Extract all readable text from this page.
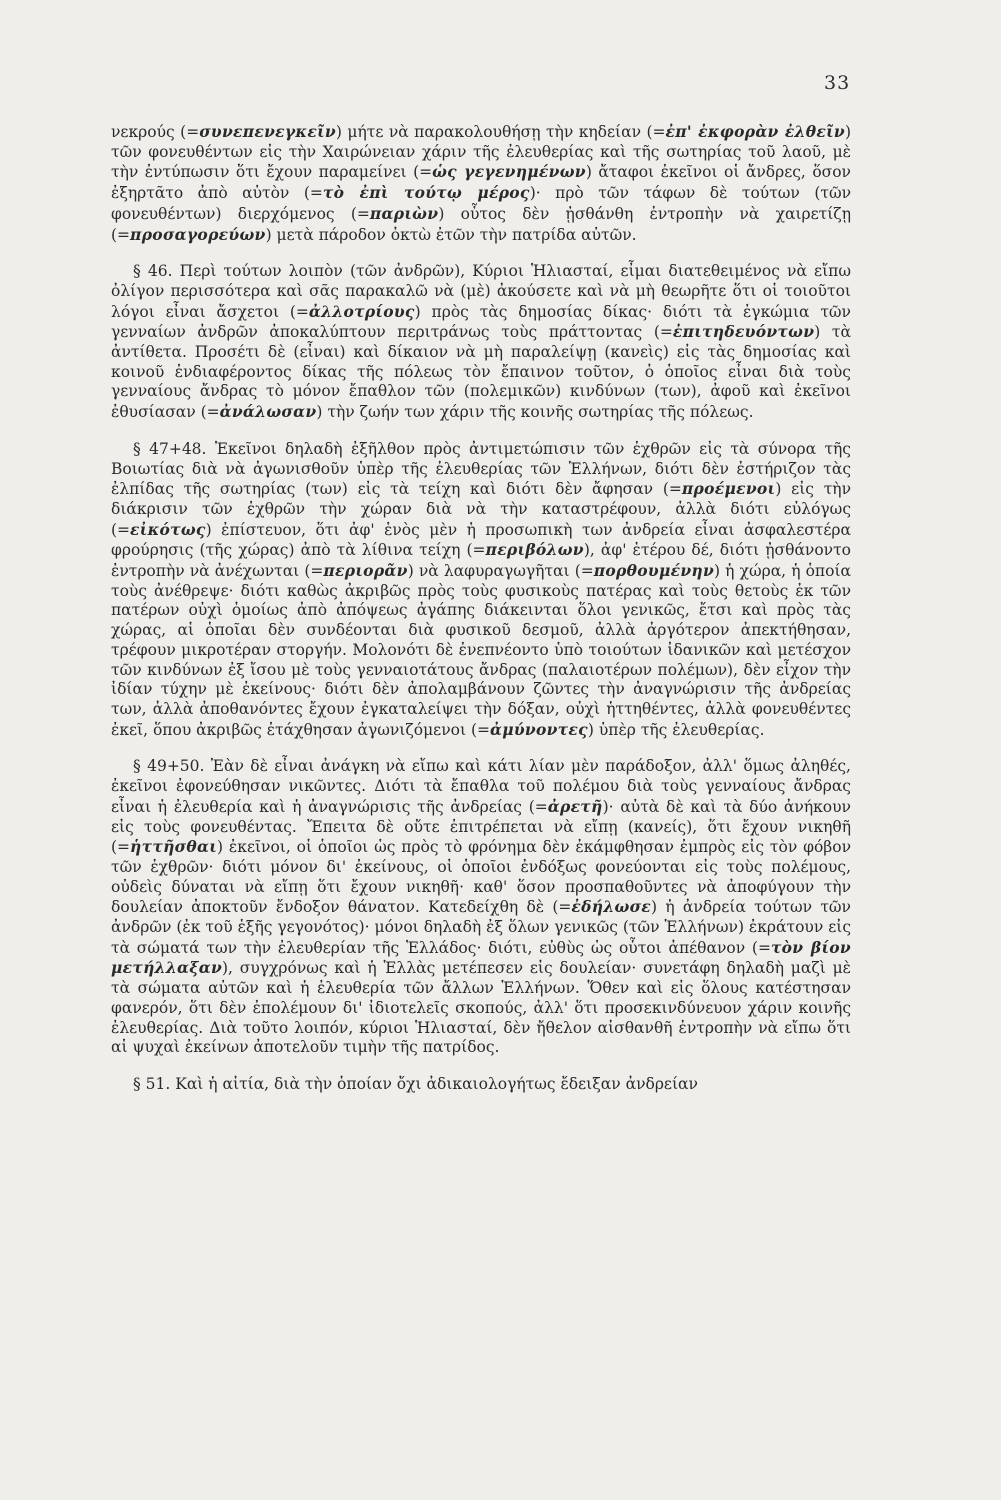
33

νεκρούς (=συνεπενεγκεῖν) μήτε νὰ παρακολουθήσῃ τὴν κηδείαν (=ἐπ' ἐκφορὰν ἐλθεῖν) τῶν φονευθέντων εἰς τὴν Χαιρώνειαν χάριν τῆς ἐλευθερίας καὶ τῆς σωτηρίας τοῦ λαοῦ, μὲ τὴν ἐντύπωσιν ὅτι ἔχουν παραμείνει (=ὡς γεγενημένων) ἄταφοι ἐκεῖνοι οἱ ἄνδρες, ὅσον ἐξηρτᾶτο ἀπὸ αὐτὸν (=τὸ ἐπὶ τούτῳ μέρος)· πρὸ τῶν τάφων δὲ τούτων (τῶν φονευθέντων) διερχόμενος (=παριὼν) οὗτος δὲν ᾐσθάνθη ἐντροπὴν νὰ χαιρετίζῃ (=προσαγορεύων) μετὰ πάροδον ὀκτὼ ἐτῶν τὴν πατρίδα αὐτῶν.

§ 46. Περὶ τούτων λοιπὸν (τῶν ἀνδρῶν), Κύριοι Ἡλιασταί, εἶμαι διατεθειμένος νὰ εἴπω ὀλίγον περισσότερα καὶ σᾶς παρακαλῶ νὰ (μὲ) ἀκούσετε καὶ νὰ μὴ θεωρῆτε ὅτι οἱ τοιοῦτοι λόγοι εἶναι ἄσχετοι (=ἀλλοτρίους) πρὸς τὰς δημοσίας δίκας· διότι τὰ ἐγκώμια τῶν γενναίων ἀνδρῶν ἀποκαλύπτουν περιτράνως τοὺς πράττοντας (=ἐπιτηδευόντων) τὰ ἀντίθετα. Προσέτι δὲ (εἶναι) καὶ δίκαιον νὰ μὴ παραλείψῃ (κανεὶς) εἰς τὰς δημοσίας καὶ κοινοῦ ἐνδιαφέροντος δίκας τῆς πόλεως τὸν ἔπαινον τοῦτον, ὁ ὁποῖος εἶναι διὰ τοὺς γενναίους ἄνδρας τὸ μόνον ἔπαθλον τῶν (πολεμικῶν) κινδύνων (των), ἀφοῦ καὶ ἐκεῖνοι ἐθυσίασαν (=ἀνάλωσαν) τὴν ζωήν των χάριν τῆς κοινῆς σωτηρίας τῆς πόλεως.

§ 47+48. Ἐκεῖνοι δηλαδὴ ἐξῆλθον πρὸς ἀντιμετώπισιν τῶν ἐχθρῶν εἰς τὰ σύνορα τῆς Βοιωτίας διὰ νὰ ἀγωνισθοῦν ὑπὲρ τῆς ἐλευθερίας τῶν Ἑλλήνων, διότι δὲν ἐστήριζον τὰς ἐλπίδας τῆς σωτηρίας (των) εἰς τὰ τείχη καὶ διότι δὲν ἄφησαν (=προέμενοι) εἰς τὴν διάκρισιν τῶν ἐχθρῶν τὴν χώραν διὰ νὰ τὴν καταστρέφουν, ἀλλὰ διότι εὐλόγως (=εἰκότως) ἐπίστευον, ὅτι ἀφ' ἑνὸς μὲν ἡ προσωπικὴ των ἀνδρεία εἶναι ἀσφαλεστέρα φρούρησις (τῆς χώρας) ἀπὸ τὰ λίθινα τείχη (=περιβόλων), ἀφ' ἑτέρου δέ, διότι ᾐσθάνοντο ἐντροπὴν νὰ ἀνέχωνται (=περιορᾶν) νὰ λαφυραγωγῆται (=πορθουμένην) ἡ χώρα, ἡ ὁποία τοὺς ἀνέθρεψε· διότι καθὼς ἀκριβῶς πρὸς τοὺς φυσικοὺς πατέρας καὶ τοὺς θετοὺς ἐκ τῶν πατέρων οὐχὶ ὁμοίως ἀπὸ ἀπόψεως ἀγάπης διάκεινται ὅλοι γενικῶς, ἔτσι καὶ πρὸς τὰς χώρας, αἱ ὁποῖαι δὲν συνδέονται διὰ φυσικοῦ δεσμοῦ, ἀλλὰ ἀργότερον ἀπεκτήθησαν, τρέφουν μικροτέραν στοργήν. Μολονότι δὲ ἐνεπνέοντο ὑπὸ τοιούτων ἰδανικῶν καὶ μετέσχον τῶν κινδύνων ἐξ ἴσου μὲ τοὺς γενναιοτάτους ἄνδρας (παλαιοτέρων πολέμων), δὲν εἶχον τὴν ἰδίαν τύχην μὲ ἐκείνους· διότι δὲν ἀπολαμβάνουν ζῶντες τὴν ἀναγνώρισιν τῆς ἀνδρείας των, ἀλλὰ ἀποθανόντες ἔχουν ἐγκαταλείψει τὴν δόξαν, οὐχὶ ἡττηθέντες, ἀλλὰ φονευθέντες ἐκεῖ, ὅπου ἀκριβῶς ἐτάχθησαν ἀγωνιζόμενοι (=ἀμύνοντες) ὑπὲρ τῆς ἐλευθερίας.

§ 49+50. Ἐὰν δὲ εἶναι ἀνάγκη νὰ εἴπω καὶ κάτι λίαν μὲν παράδοξον, ἀλλ' ὅμως ἀληθές, ἐκεῖνοι ἐφονεύθησαν νικῶντες. Διότι τὰ ἔπαθλα τοῦ πολέμου διὰ τοὺς γενναίους ἄνδρας εἶναι ἡ ἐλευθερία καὶ ἡ ἀναγνώρισις τῆς ἀνδρείας (=ἀρετῆ)· αὐτὰ δὲ καὶ τὰ δύο ἀνήκουν εἰς τοὺς φονευθέντας. Ἔπειτα δὲ οὔτε ἐπιτρέπεται νὰ εἴπῃ (κανείς), ὅτι ἔχουν νικηθῆ (=ἡττῆσθαι) ἐκεῖνοι, οἱ ὁποῖοι ὡς πρὸς τὸ φρόνημα δὲν ἐκάμφθησαν ἐμπρὸς εἰς τὸν φόβον τῶν ἐχθρῶν· διότι μόνον δι' ἐκείνους, οἱ ὁποῖοι ἐνδόξως φονεύονται εἰς τοὺς πολέμους, οὐδεὶς δύναται νὰ εἴπῃ ὅτι ἔχουν νικηθῆ· καθ' ὅσον προσπαθοῦντες νὰ ἀποφύγουν τὴν δουλείαν ἀποκτοῦν ἔνδοξον θάνατον. Κατεδείχθη δὲ (=ἐδήλωσε) ἡ ἀνδρεία τούτων τῶν ἀνδρῶν (ἐκ τοῦ ἑξῆς γεγονότος)· μόνοι δηλαδὴ ἐξ ὅλων γενικῶς (τῶν Ἑλλήνων) ἐκράτουν εἰς τὰ σώματά των τὴν ἐλευθερίαν τῆς Ἑλλάδος· διότι, εὐθὺς ὡς οὗτοι ἀπέθανον (=τὸν βίον μετήλλαξαν), συγχρόνως καὶ ἡ Ἑλλὰς μετέπεσεν εἰς δουλείαν· συνετάφη δηλαδὴ μαζὶ μὲ τὰ σώματα αὐτῶν καὶ ἡ ἐλευθερία τῶν ἄλλων Ἑλλήνων. Ὅθεν καὶ εἰς ὅλους κατέστησαν φανερόν, ὅτι δὲν ἐπολέμουν δι' ἰδιοτελεῖς σκοπούς, ἀλλ' ὅτι προσεκινδύνευον χάριν κοινῆς ἐλευθερίας. Διὰ τοῦτο λοιπόν, κύριοι Ἡλιασταί, δὲν ἤθελον αἰσθανθῆ ἐντροπὴν νὰ εἴπω ὅτι αἱ ψυχαὶ ἐκείνων ἀποτελοῦν τιμὴν τῆς πατρίδος.

§ 51. Καὶ ἡ αἰτία, διὰ τὴν ὁποίαν ὄχι ἀδικαιολογήτως ἔδειξαν ἀνδρείαν
